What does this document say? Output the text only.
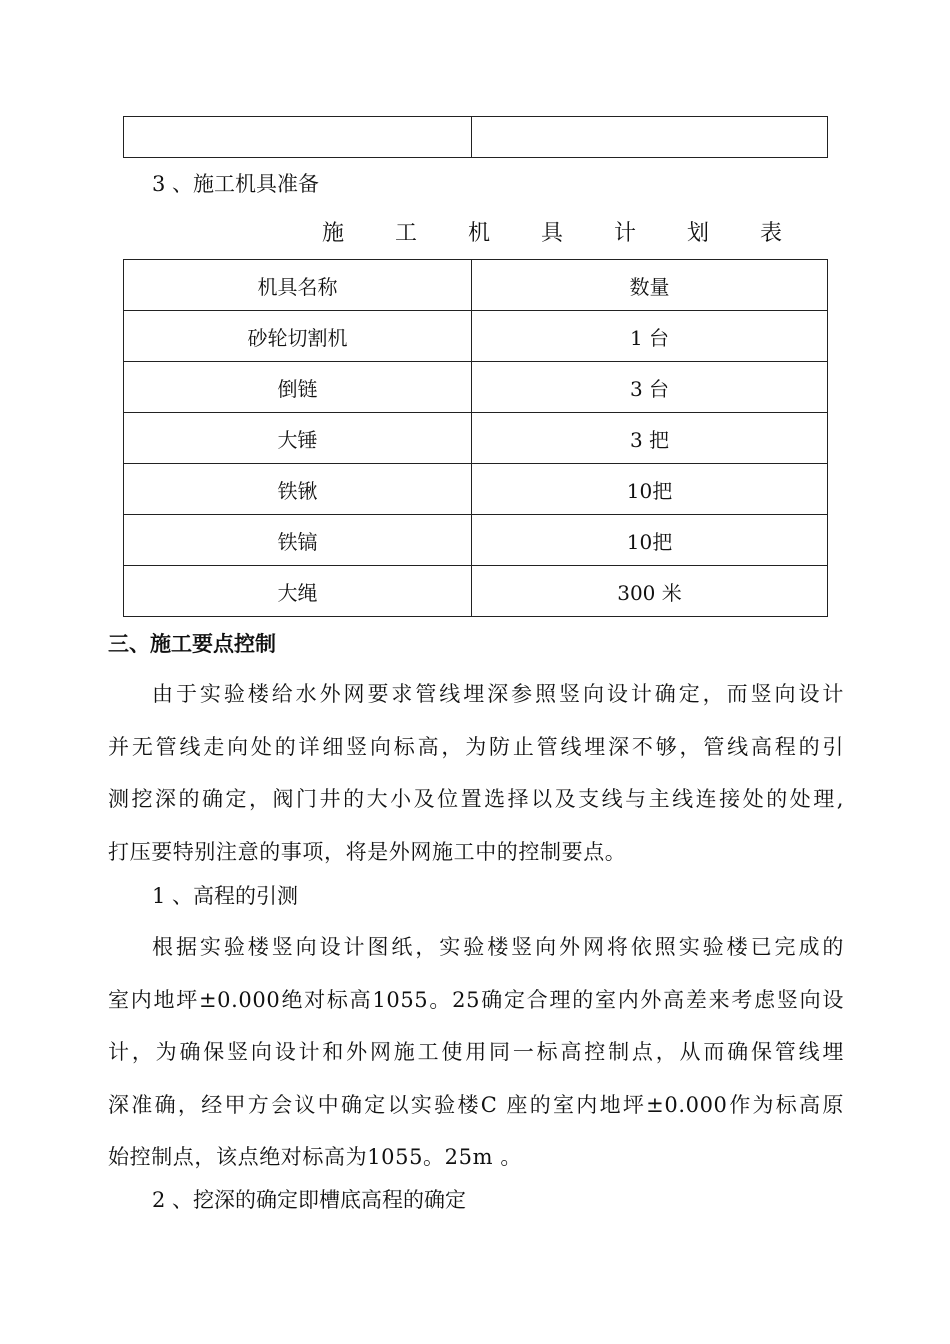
3 、施工机具准备
施 工 机 具 计 划 表
机具名称	数量
砂轮切割机	1 台
倒链	3 台
大锤	3 把
铁锹	10把
铁镐	10把
大绳	300 米
三、施工要点控制
由于实验楼给水外网要求管线埋深参照竖向设计确定，而竖向设计
并无管线走向处的详细竖向标高，为防止管线埋深不够，管线高程的引
测挖深的确定，阀门井的大小及位置选择以及支线与主线连接处的处理,
打压要特别注意的事项，将是外网施工中的控制要点。
1 、高程的引测
根据实验楼竖向设计图纸，实验楼竖向外网将依照实验楼已完成的
室内地坪±0.000绝对标高1055。25确定合理的室内外高差来考虑竖向设
计，为确保竖向设计和外网施工使用同一标高控制点，从而确保管线埋
深准确，经甲方会议中确定以实验楼C 座的室内地坪±0.000作为标高原
始控制点，该点绝对标高为1055。25m 。
2 、挖深的确定即槽底高程的确定
